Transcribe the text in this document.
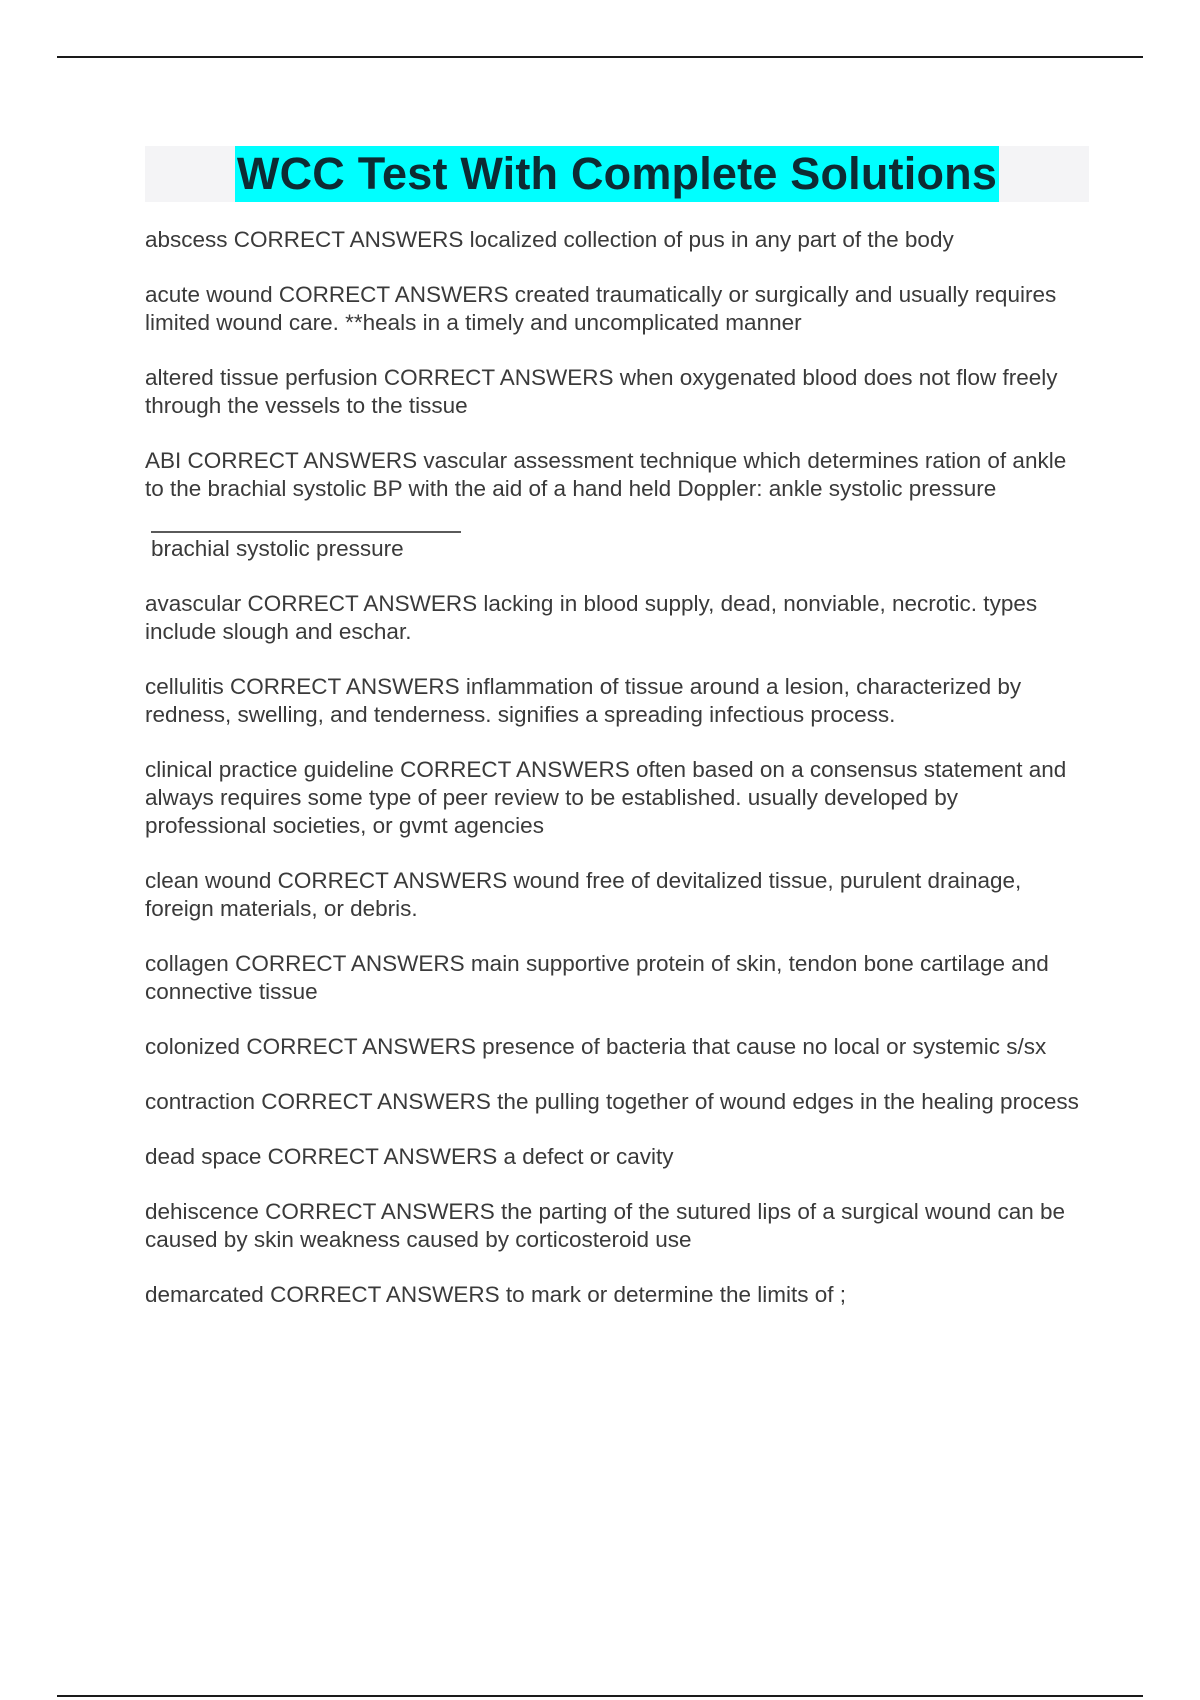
WCC Test With Complete Solutions
abscess CORRECT ANSWERS localized collection of pus in any part of the body
acute wound CORRECT ANSWERS created traumatically or surgically and usually requires limited wound care. **heals in a timely and uncomplicated manner
altered tissue perfusion CORRECT ANSWERS when oxygenated blood does not flow freely through the vessels to the tissue
ABI CORRECT ANSWERS vascular assessment technique which determines ration of ankle to the brachial systolic BP with the aid of a hand held Doppler: ankle systolic pressure
brachial systolic pressure
avascular CORRECT ANSWERS lacking in blood supply, dead, nonviable, necrotic. types include slough and eschar.
cellulitis CORRECT ANSWERS inflammation of tissue around a lesion, characterized by redness, swelling, and tenderness. signifies a spreading infectious process.
clinical practice guideline CORRECT ANSWERS often based on a consensus statement and always requires some type of peer review to be established. usually developed by professional societies, or gvmt agencies
clean wound CORRECT ANSWERS wound free of devitalized tissue, purulent drainage, foreign materials, or debris.
collagen CORRECT ANSWERS main supportive protein of skin, tendon bone cartilage and connective tissue
colonized CORRECT ANSWERS presence of bacteria that cause no local or systemic s/sx
contraction CORRECT ANSWERS the pulling together of wound edges in the healing process
dead space CORRECT ANSWERS a defect or cavity
dehiscence CORRECT ANSWERS the parting of the sutured lips of a surgical wound can be caused by skin weakness caused by corticosteroid use
demarcated CORRECT ANSWERS to mark or determine the limits of ;
